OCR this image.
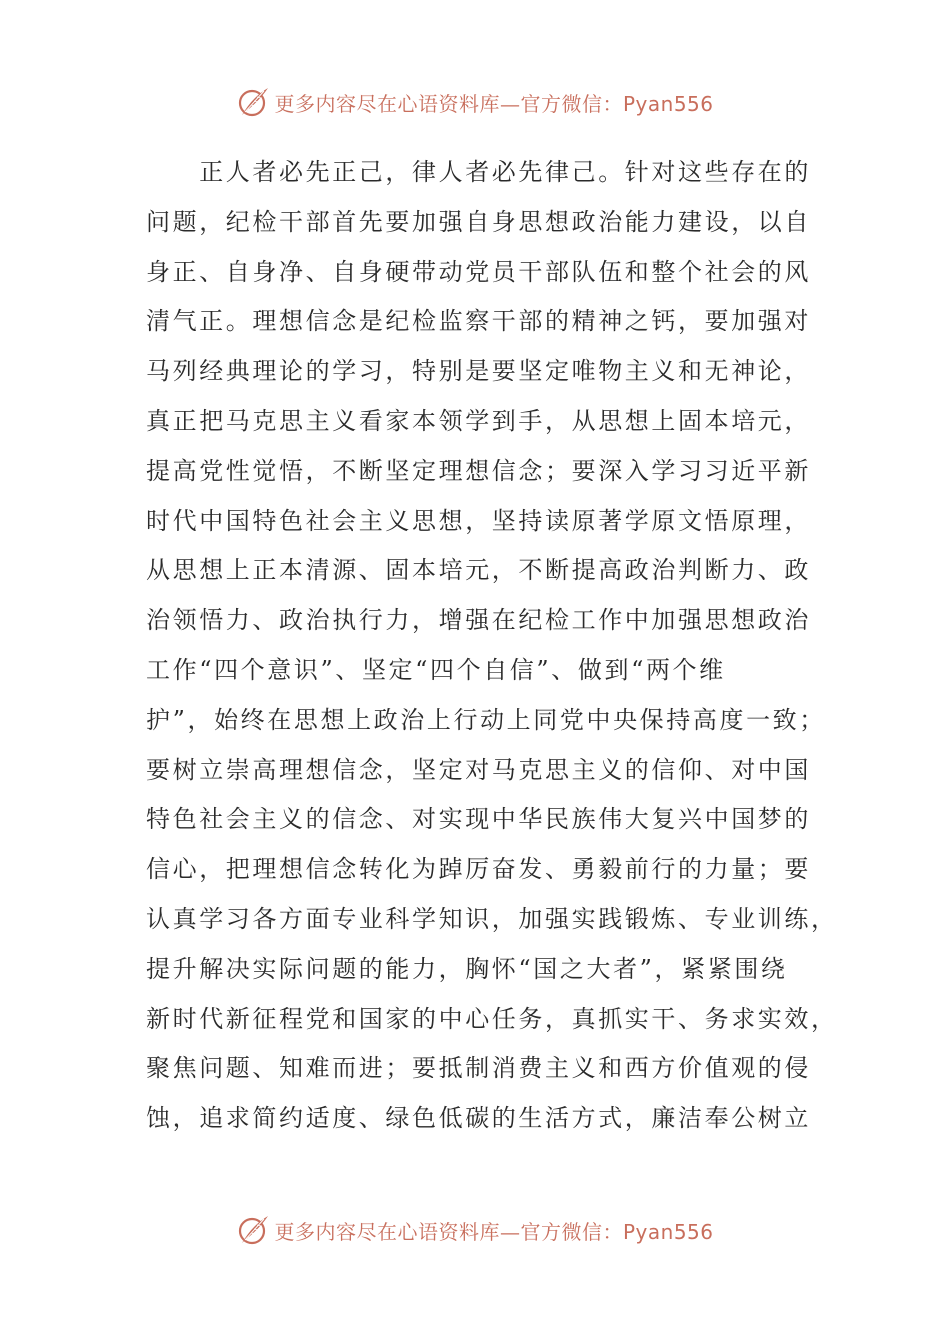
更多内容尽在心语资料库—官方微信：Pyan556
　　正人者必先正己，律人者必先律己。针对这些存在的
问题，纪检干部首先要加强自身思想政治能力建设，以自
身正、自身净、自身硬带动党员干部队伍和整个社会的风
清气正。理想信念是纪检监察干部的精神之钙，要加强对
马列经典理论的学习，特别是要坚定唯物主义和无神论，
真正把马克思主义看家本领学到手，从思想上固本培元，
提高党性觉悟，不断坚定理想信念；要深入学习习近平新
时代中国特色社会主义思想，坚持读原著学原文悟原理，
从思想上正本清源、固本培元，不断提高政治判断力、政
治领悟力、政治执行力，增强在纪检工作中加强思想政治
工作“四个意识”、坚定“四个自信”、做到“两个维
护”，始终在思想上政治上行动上同党中央保持高度一致；
要树立崇高理想信念，坚定对马克思主义的信仰、对中国
特色社会主义的信念、对实现中华民族伟大复兴中国梦的
信心，把理想信念转化为踔厉奋发、勇毅前行的力量；要
认真学习各方面专业科学知识，加强实践锻炼、专业训练，
提升解决实际问题的能力，胸怀“国之大者”，紧紧围绕
新时代新征程党和国家的中心任务，真抓实干、务求实效，
聚焦问题、知难而进；要抵制消费主义和西方价值观的侵
蚀，追求简约适度、绿色低碳的生活方式，廉洁奉公树立
更多内容尽在心语资料库—官方微信：Pyan556
